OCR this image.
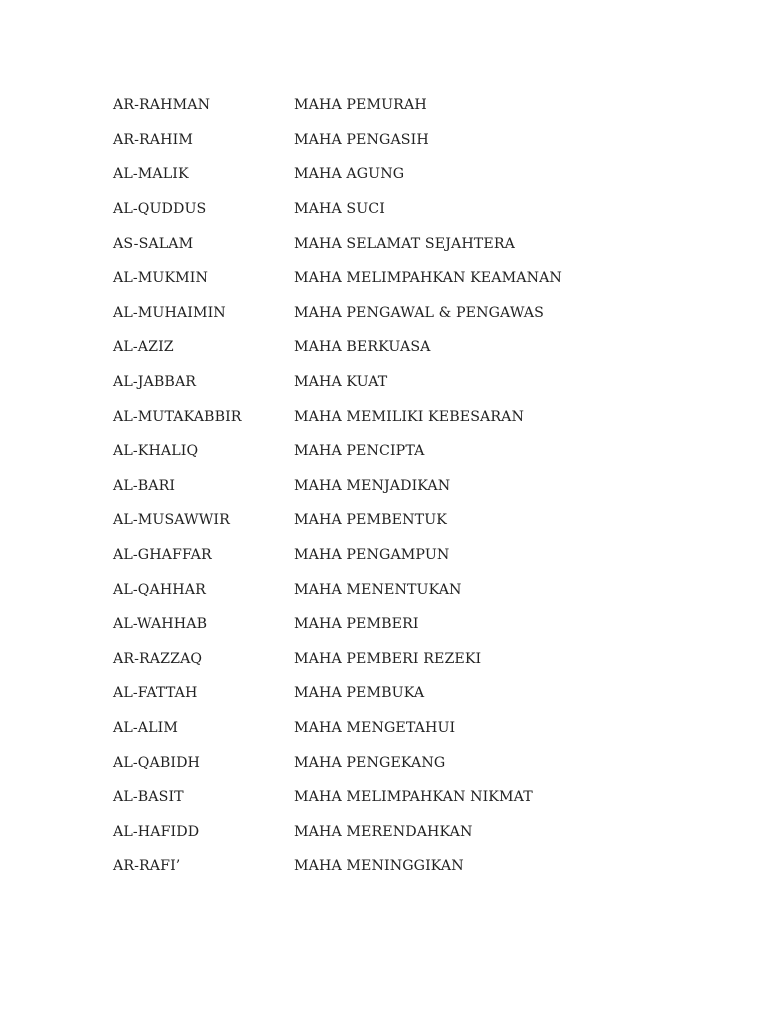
AR-RAHMAN	MAHA PEMURAH
AR-RAHIM	MAHA PENGASIH
AL-MALIK	MAHA AGUNG
AL-QUDDUS	MAHA SUCI
AS-SALAM	MAHA SELAMAT SEJAHTERA
AL-MUKMIN	MAHA MELIMPAHKAN KEAMANAN
AL-MUHAIMIN	MAHA PENGAWAL & PENGAWAS
AL-AZIZ	MAHA BERKUASA
AL-JABBAR	MAHA KUAT
AL-MUTAKABBIR	MAHA MEMILIKI KEBESARAN
AL-KHALIQ	MAHA PENCIPTA
AL-BARI	MAHA MENJADIKAN
AL-MUSAWWIR	MAHA PEMBENTUK
AL-GHAFFAR	MAHA PENGAMPUN
AL-QAHHAR	MAHA MENENTUKAN
AL-WAHHAB	MAHA PEMBERI
AR-RAZZAQ	MAHA PEMBERI REZEKI
AL-FATTAH	MAHA PEMBUKA
AL-ALIM	MAHA MENGETAHUI
AL-QABIDH	MAHA PENGEKANG
AL-BASIT	MAHA MELIMPAHKAN NIKMAT
AL-HAFIDD	MAHA MERENDAHKAN
AR-RAFI’	MAHA MENINGGIKAN
